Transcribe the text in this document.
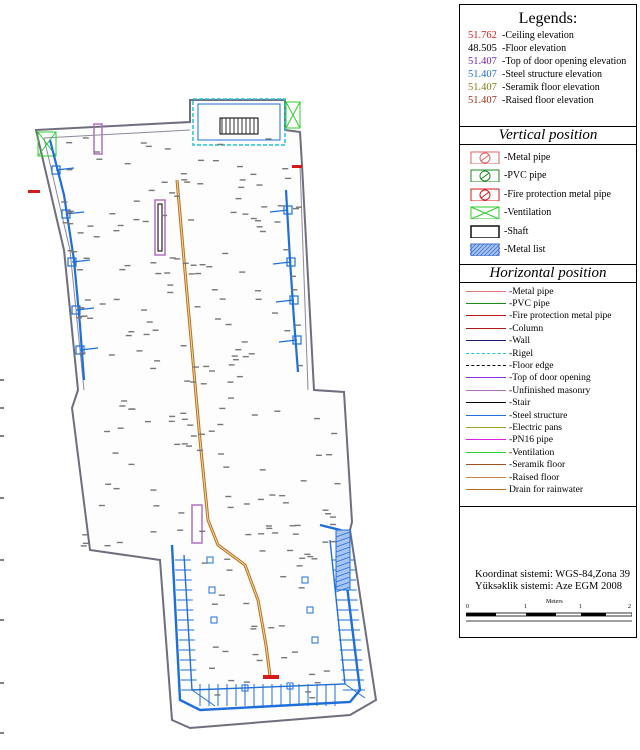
Legends:
51.762 -Ceiling elevation
48.505 -Floor elevation
51.407 -Top of door opening elevation
51.407 -Steel structure elevation
51.407 -Seramik floor elevation
51.407 -Raised floor elevation
Vertical position
-Metal pipe
-PVC pipe
-Fire protection metal pipe
-Ventilation
-Shaft
-Metal list
Horizontal position
-Metal pipe
-PVC pipe
-Fire protection metal pipe
-Column
-Wall
-Rigel
-Floor edge
-Top of door opening
-Unfinished masonry
-Stair
-Steel structure
-Electric pans
-PN16 pipe
-Ventilation
-Seramik floor
-Raised floor
Drain for rainwater
Koordinat sistemi: WGS-84,Zona 39
Yüksəklik sistemi: Aze EGM 2008
Meters
0	1	1	2
